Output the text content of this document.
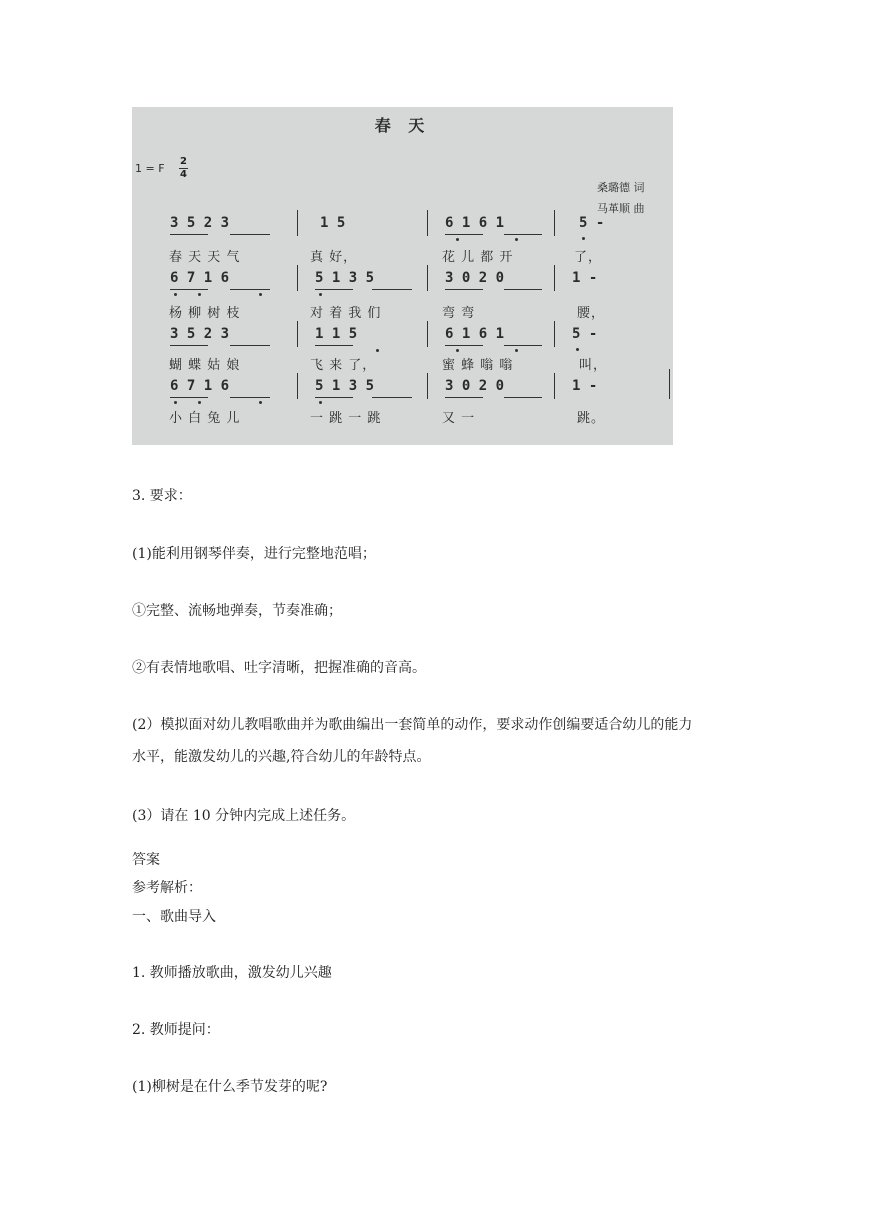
春 天
1 = F
2
4
桑璐德 词
马革顺 曲
3 5 2 3	1 5	6 1 6 1	5 -
春 天 天 气	真 好，	花 儿 都 开	了，
6 7 1 6	5 1 3 5	3 0 2 0	1 -
杨 柳 树 枝	对 着 我 们	弯 弯	腰，
3 5 2 3	1 1 5	6 1 6 1	5 -
蝴 蝶 姑 娘	飞 来 了，	蜜 蜂 嗡 嗡	叫，
6 7 1 6	5 1 3 5	3 0 2 0	1 -
小 白 兔 儿	一 跳 一 跳	又 一	跳。
3. 要求：
(1)能利用钢琴伴奏，进行完整地范唱；
①完整、流畅地弹奏，节奏准确；
②有表情地歌唱、吐字清晰，把握准确的音高。
(2）模拟面对幼儿教唱歌曲并为歌曲编出一套简单的动作，要求动作创编要适合幼儿的能力
水平，能激发幼儿的兴趣,符合幼儿的年龄特点。
(3）请在 10 分钟内完成上述任务。
答案
参考解析：
一、歌曲导入
1. 教师播放歌曲，激发幼儿兴趣
2. 教师提问：
(1)柳树是在什么季节发芽的呢?
